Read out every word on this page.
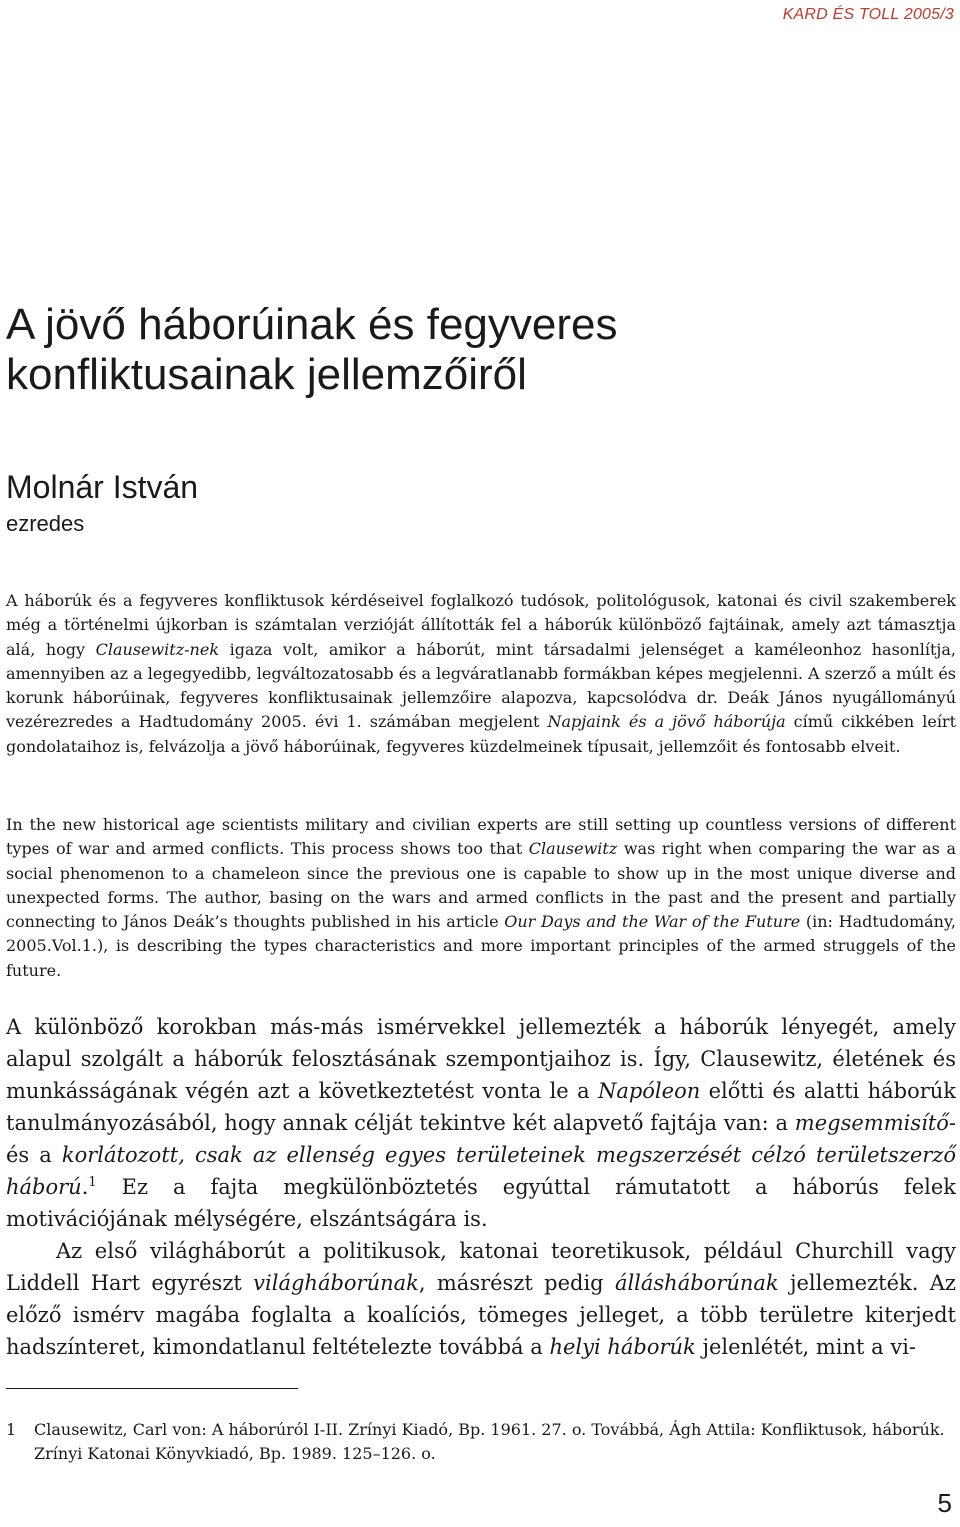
KARD ÉS TOLL 2005/3
A jövő háborúinak és fegyveres
konfliktusainak jellemzőiről
Molnár István
ezredes

A háborúk és a fegyveres konfliktusok kérdéseivel foglalkozó tudósok, politológusok, katonai és civil szakemberek még a történelmi újkorban is számtalan verzióját állították fel a háborúk különböző fajtáinak, amely azt támasztja alá, hogy Clausewitz-nek igaza volt, amikor a háborút, mint társadalmi jelenséget a kaméleonhoz hasonlítja, amennyiben az a legegyedibb, legváltozatosabb és a legváratlanabb formákban képes megjelenni. A szerző a múlt és korunk háborúinak, fegyveres konfliktusainak jellemzőire alapozva, kapcsolódva dr. Deák János nyugállományú vezérezredes a Hadtudomány 2005. évi 1. számában megjelent Napjaink és a jövő háborúja című cikkében leírt gondolataihoz is, felvázolja a jövő háborúinak, fegyveres küzdelmeinek típusait, jellemzőit és fontosabb elveit.

In the new historical age scientists military and civilian experts are still setting up countless versions of different types of war and armed conflicts. This process shows too that Clausewitz was right when comparing the war as a social phenomenon to a chameleon since the previous one is capable to show up in the most unique diverse and unexpected forms. The author, basing on the wars and armed conflicts in the past and the present and partially connecting to János Deák’s thoughts published in his article Our Days and the War of the Future (in: Hadtudomány, 2005.Vol.1.), is describing the types characteristics and more important principles of the armed struggels of the future.

A különböző korokban más-más ismérvekkel jellemezték a háborúk lényegét, amely alapul szolgált a háborúk felosztásának szempontjaihoz is. Így, Clausewitz, életének és munkásságának végén azt a következtetést vonta le a Napóleon előtti és alatti háborúk tanulmányozásából, hogy annak célját tekintve két alapvető fajtája van: a megsemmisítő- és a korlátozott, csak az ellenség egyes területeinek megszerzését célzó területszerző háború.$^1$ Ez a fajta megkülönböztetés egyúttal rámutatott a háborús felek motivációjának mélységére, elszántságára is.

Az első világháborút a politikusok, katonai teoretikusok, például Churchill vagy Liddell Hart egyrészt világháborúnak, másrészt pedig állásháborúnak jellemezték. Az előző ismérv magába foglalta a koalíciós, tömeges jelleget, a több területre kiterjedt hadszínteret, kimondatlanul feltételezte továbbá a helyi háborúk jelenlétét, mint a vi-

1	Clausewitz, Carl von: A háborúról I-II. Zrínyi Kiadó, Bp. 1961. 27. o. Továbbá, Ágh Attila: Konfliktusok, háborúk. Zrínyi Katonai Könyvkiadó, Bp. 1989. 125–126. o.
5
